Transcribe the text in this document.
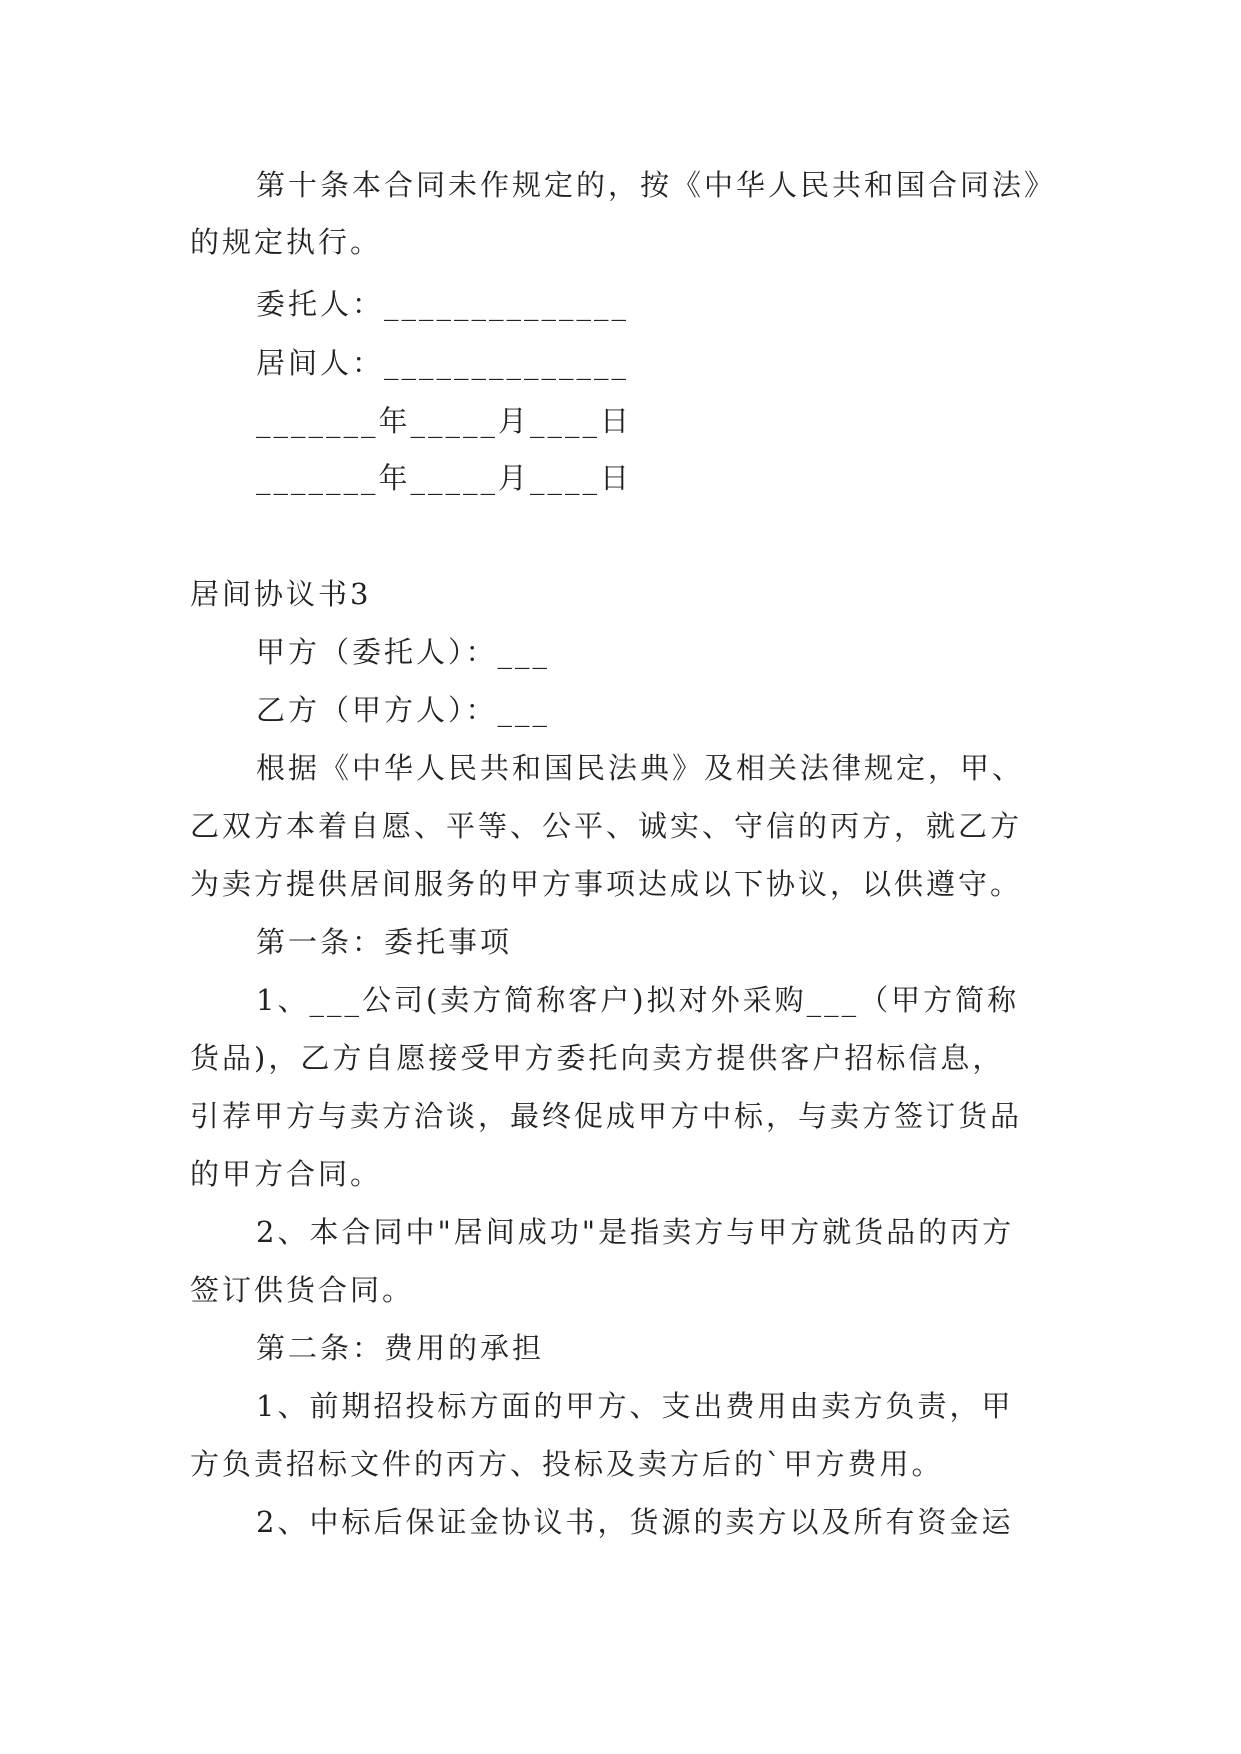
第十条本合同未作规定的，按《中华人民共和国合同法》
的规定执行。
委托人：______________
居间人：______________
_______年_____月____日
_______年_____月____日
居间协议书3
甲方（委托人）：___
乙方（甲方人）：___
根据《中华人民共和国民法典》及相关法律规定，甲、
乙双方本着自愿、平等、公平、诚实、守信的丙方，就乙方
为卖方提供居间服务的甲方事项达成以下协议，以供遵守。
第一条：委托事项
1、___公司(卖方简称客户)拟对外采购___（甲方简称
货品)，乙方自愿接受甲方委托向卖方提供客户招标信息，
引荐甲方与卖方洽谈，最终促成甲方中标，与卖方签订货品
的甲方合同。
2、本合同中"居间成功"是指卖方与甲方就货品的丙方
签订供货合同。
第二条：费用的承担
1、前期招投标方面的甲方、支出费用由卖方负责，甲
方负责招标文件的丙方、投标及卖方后的`甲方费用。
2、中标后保证金协议书，货源的卖方以及所有资金运
